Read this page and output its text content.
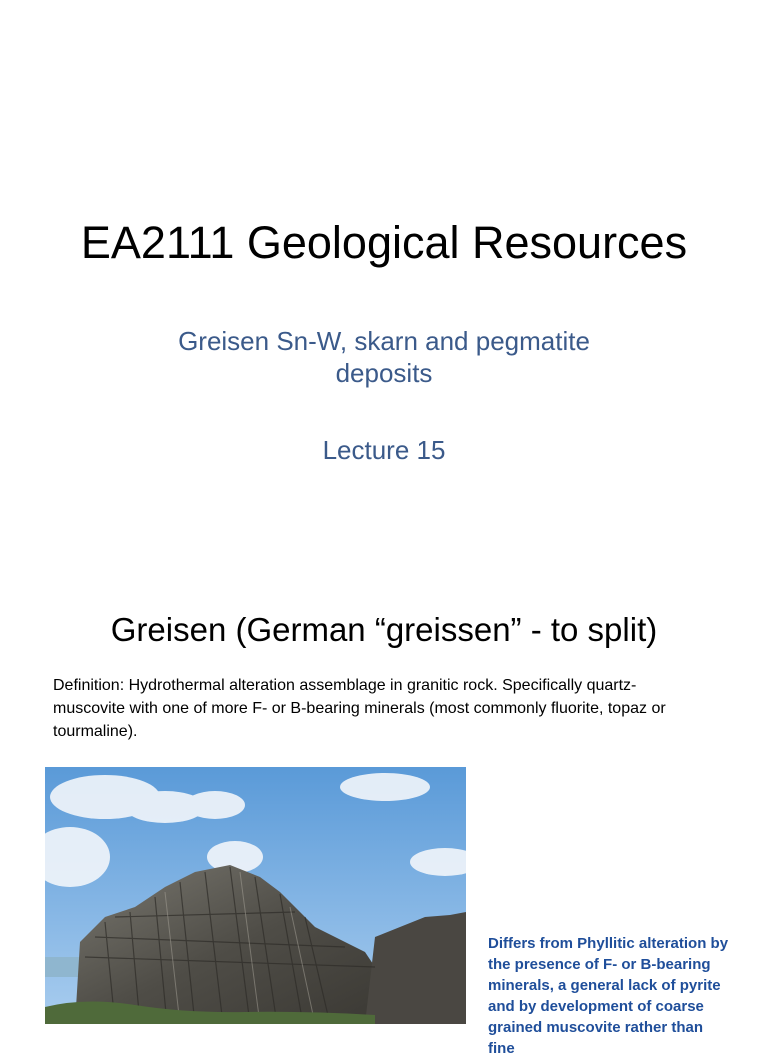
EA2111 Geological Resources
Greisen Sn-W, skarn and pegmatite deposits
Lecture 15
Greisen (German “greissen” - to split)
Definition: Hydrothermal alteration assemblage in granitic rock. Specifically quartz-muscovite with one of more F- or B-bearing minerals (most commonly fluorite, topaz or tourmaline).
Differs from Phyllitic alteration by the presence of F- or B-bearing minerals, a general lack of pyrite and by development of coarse grained muscovite rather than fine
